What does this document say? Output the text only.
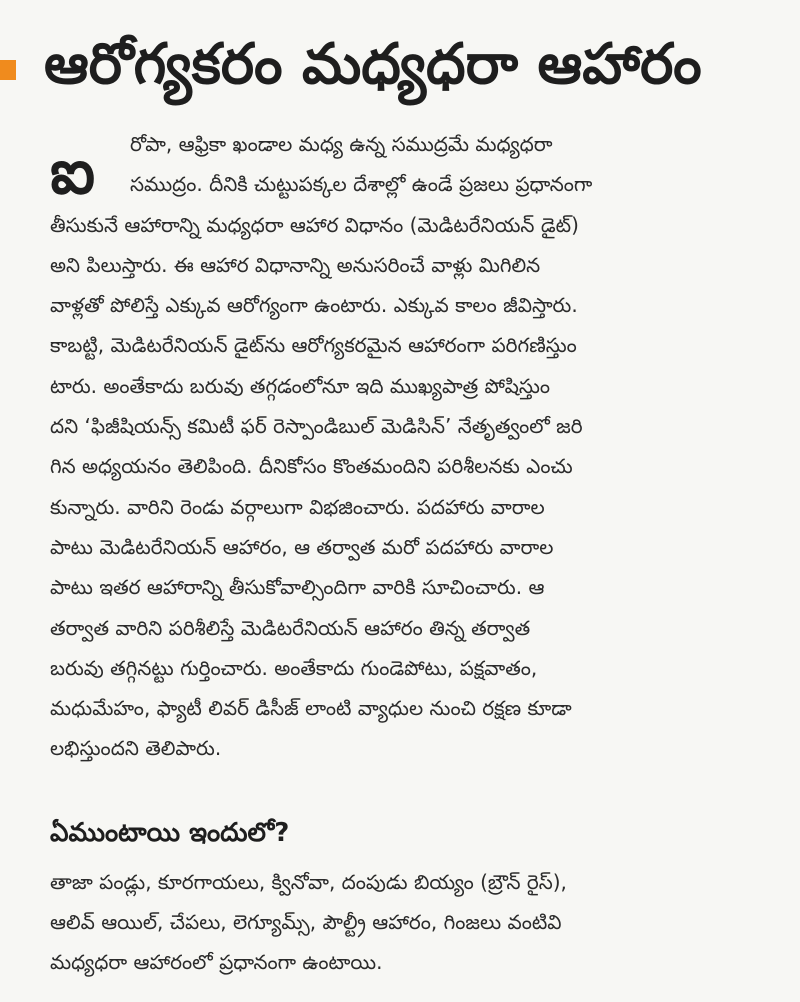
ఆరోగ్యకరం మధ్యధరా ఆహారం
ఐ	రోపా, ఆఫ్రికా ఖండాల మధ్య ఉన్న సముద్రమే మధ్యధరా
సముద్రం. దీనికి చుట్టుపక్కల దేశాల్లో ఉండే ప్రజలు ప్రధానంగా
తీసుకునే ఆహారాన్ని మధ్యధరా ఆహార విధానం (మెడిటరేనియన్ డైట్)
అని పిలుస్తారు. ఈ ఆహార విధానాన్ని అనుసరించే వాళ్లు మిగిలిన
వాళ్లతో పోలిస్తే ఎక్కువ ఆరోగ్యంగా ఉంటారు. ఎక్కువ కాలం జీవిస్తారు.
కాబట్టి, మెడిటరేనియన్ డైట్‌ను ఆరోగ్యకరమైన ఆహారంగా పరిగణిస్తుం
టారు. అంతేకాదు బరువు తగ్గడంలోనూ ఇది ముఖ్యపాత్ర పోషిస్తుం
దని ‘ఫిజీషియన్స్ కమిటీ ఫర్ రెస్పాండిబుల్ మెడిసిన్’ నేతృత్వంలో జరి
గిన అధ్యయనం తెలిపింది. దీనికోసం కొంతమందిని పరిశీలనకు ఎంచు
కున్నారు. వారిని రెండు వర్గాలుగా విభజించారు. పదహారు వారాల
పాటు మెడిటరేనియన్ ఆహారం, ఆ తర్వాత మరో పదహారు వారాల
పాటు ఇతర ఆహారాన్ని తీసుకోవాల్సిందిగా వారికి సూచించారు. ఆ
తర్వాత వారిని పరిశీలిస్తే మెడిటరేనియన్ ఆహారం తిన్న తర్వాత
బరువు తగ్గినట్టు గుర్తించారు. అంతేకాదు గుండెపోటు, పక్షవాతం,
మధుమేహం, ఫ్యాటీ లివర్ డిసీజ్ లాంటి వ్యాధుల నుంచి రక్షణ కూడా
లభిస్తుందని తెలిపారు.
ఏముంటాయి ఇందులో?
తాజా పండ్లు, కూరగాయలు, క్వినోవా, దంపుడు బియ్యం (బ్రౌన్ రైస్),
ఆలివ్ ఆయిల్, చేపలు, లెగ్యూమ్స్, పౌల్ట్రీ ఆహారం, గింజలు వంటివి
మధ్యధరా ఆహారంలో ప్రధానంగా ఉంటాయి.
